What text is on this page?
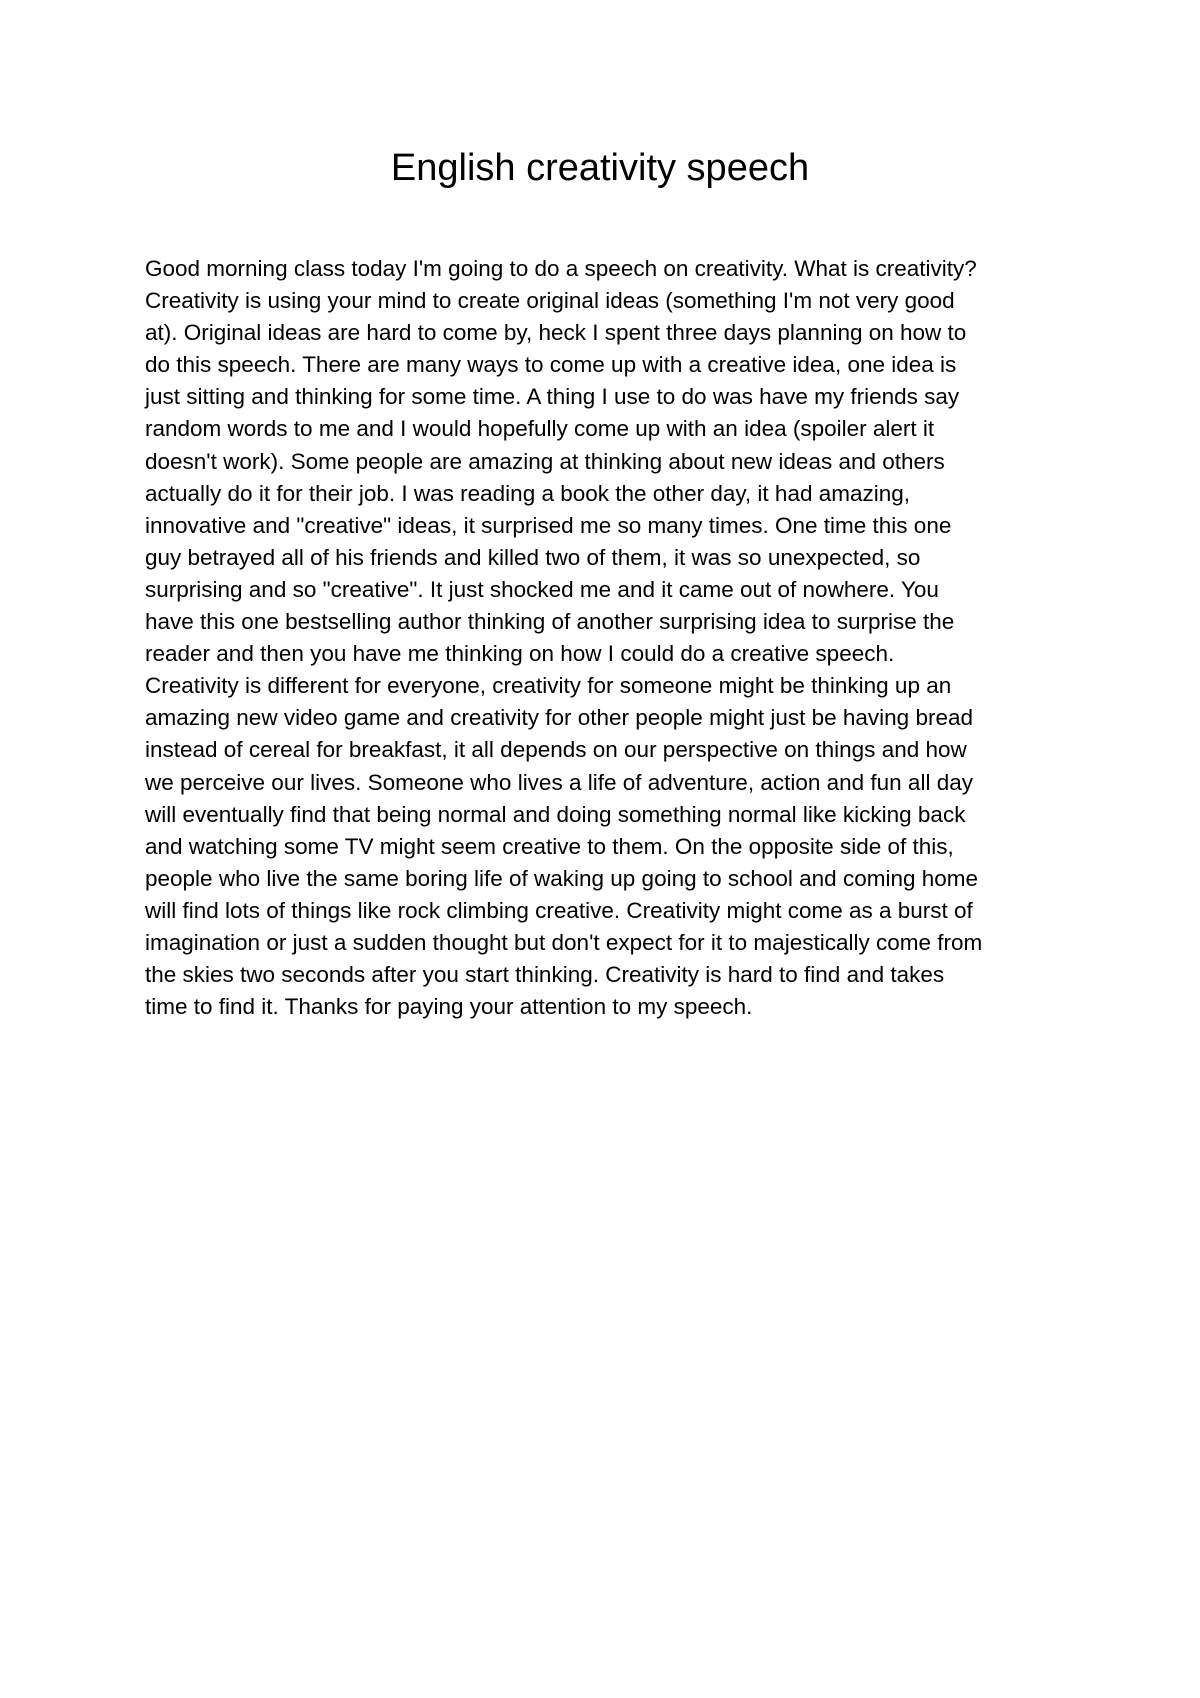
English creativity speech
Good morning class today I'm going to do a speech on creativity. What is creativity?
Creativity is using your mind to create original ideas (something I'm not very good
at). Original ideas are hard to come by, heck I spent three days planning on how to
do this speech. There are many ways to come up with a creative idea, one idea is
just sitting and thinking for some time. A thing I use to do was have my friends say
random words to me and I would hopefully come up with an idea (spoiler alert it
doesn't work). Some people are amazing at thinking about new ideas and others
actually do it for their job. I was reading a book the other day, it had amazing,
innovative and "creative" ideas, it surprised me so many times. One time this one
guy betrayed all of his friends and killed two of them, it was so unexpected, so
surprising and so "creative". It just shocked me and it came out of nowhere. You
have this one bestselling author thinking of another surprising idea to surprise the
reader and then you have me thinking on how I could do a creative speech.
Creativity is different for everyone, creativity for someone might be thinking up an
amazing new video game and creativity for other people might just be having bread
instead of cereal for breakfast, it all depends on our perspective on things and how
we perceive our lives. Someone who lives a life of adventure, action and fun all day
will eventually find that being normal and doing something normal like kicking back
and watching some TV might seem creative to them. On the opposite side of this,
people who live the same boring life of waking up going to school and coming home
will find lots of things like rock climbing creative. Creativity might come as a burst of
imagination or just a sudden thought but don't expect for it to majestically come from
the skies two seconds after you start thinking. Creativity is hard to find and takes
time to find it. Thanks for paying your attention to my speech.
